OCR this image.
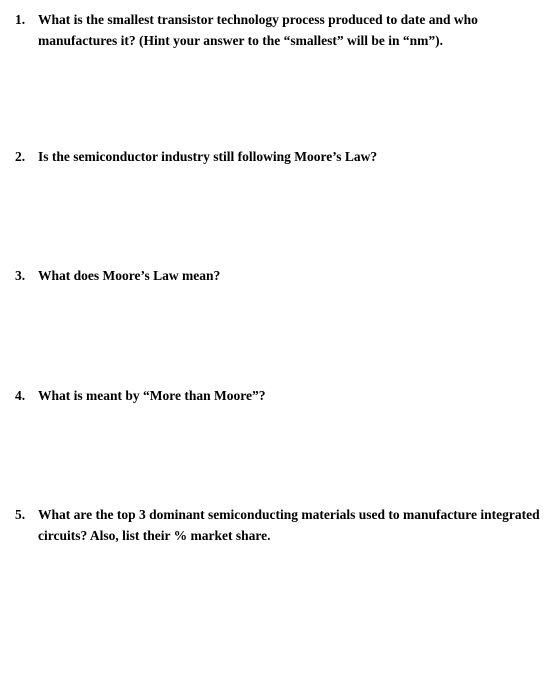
1. What is the smallest transistor technology process produced to date and who manufactures it? (Hint your answer to the “smallest” will be in “nm”).
2. Is the semiconductor industry still following Moore’s Law?
3. What does Moore’s Law mean?
4. What is meant by “More than Moore”?
5. What are the top 3 dominant semiconducting materials used to manufacture integrated circuits? Also, list their % market share.
